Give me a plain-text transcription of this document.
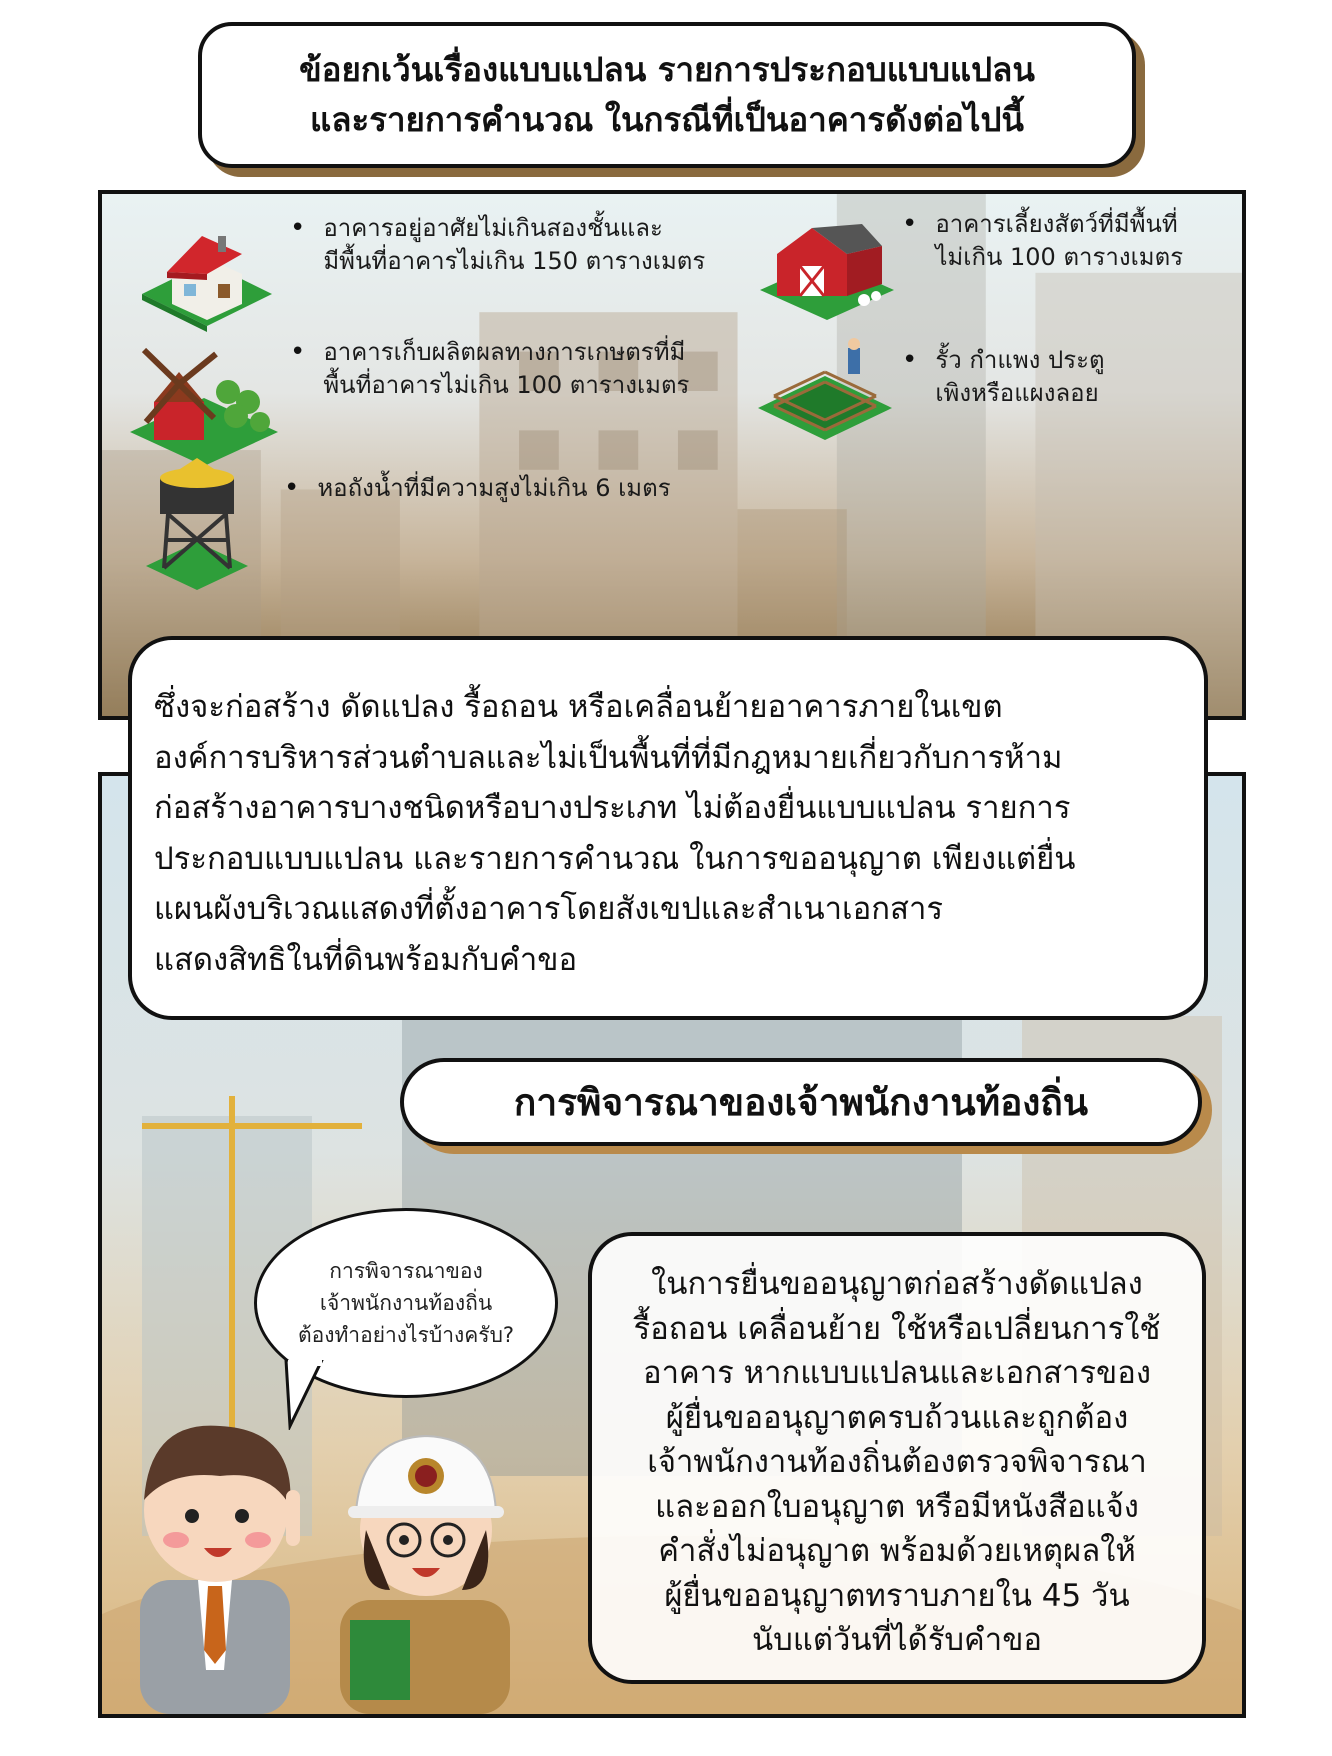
ข้อยกเว้นเรื่องแบบแปลน รายการประกอบแบบแปลน
และรายการคำนวณ ในกรณีที่เป็นอาคารดังต่อไปนี้
• อาคารอยู่อาศัยไม่เกินสองชั้นและ
มีพื้นที่อาคารไม่เกิน 150 ตารางเมตร
• อาคารเลี้ยงสัตว์ที่มีพื้นที่
ไม่เกิน 100 ตารางเมตร
• อาคารเก็บผลิตผลทางการเกษตรที่มี
พื้นที่อาคารไม่เกิน 100 ตารางเมตร
• รั้ว กำแพง ประตู
เพิงหรือแผงลอย
• หอถังน้ำที่มีความสูงไม่เกิน 6 เมตร
ซึ่งจะก่อสร้าง ดัดแปลง รื้อถอน หรือเคลื่อนย้ายอาคารภายในเขต
องค์การบริหารส่วนตำบลและไม่เป็นพื้นที่ที่มีกฎหมายเกี่ยวกับการห้าม
ก่อสร้างอาคารบางชนิดหรือบางประเภท ไม่ต้องยื่นแบบแปลน รายการ
ประกอบแบบแปลน และรายการคำนวณ ในการขออนุญาต เพียงแต่ยื่น
แผนผังบริเวณแสดงที่ตั้งอาคารโดยสังเขปและสำเนาเอกสาร
แสดงสิทธิในที่ดินพร้อมกับคำขอ
การพิจารณาของเจ้าพนักงานท้องถิ่น
การพิจารณาของ
เจ้าพนักงานท้องถิ่น
ต้องทำอย่างไรบ้างครับ?
ในการยื่นขออนุญาตก่อสร้างดัดแปลง
รื้อถอน เคลื่อนย้าย ใช้หรือเปลี่ยนการใช้
อาคาร หากแบบแปลนและเอกสารของ
ผู้ยื่นขออนุญาตครบถ้วนและถูกต้อง
เจ้าพนักงานท้องถิ่นต้องตรวจพิจารณา
และออกใบอนุญาต หรือมีหนังสือแจ้ง
คำสั่งไม่อนุญาต พร้อมด้วยเหตุผลให้
ผู้ยื่นขออนุญาตทราบภายใน 45 วัน
นับแต่วันที่ได้รับคำขอ
